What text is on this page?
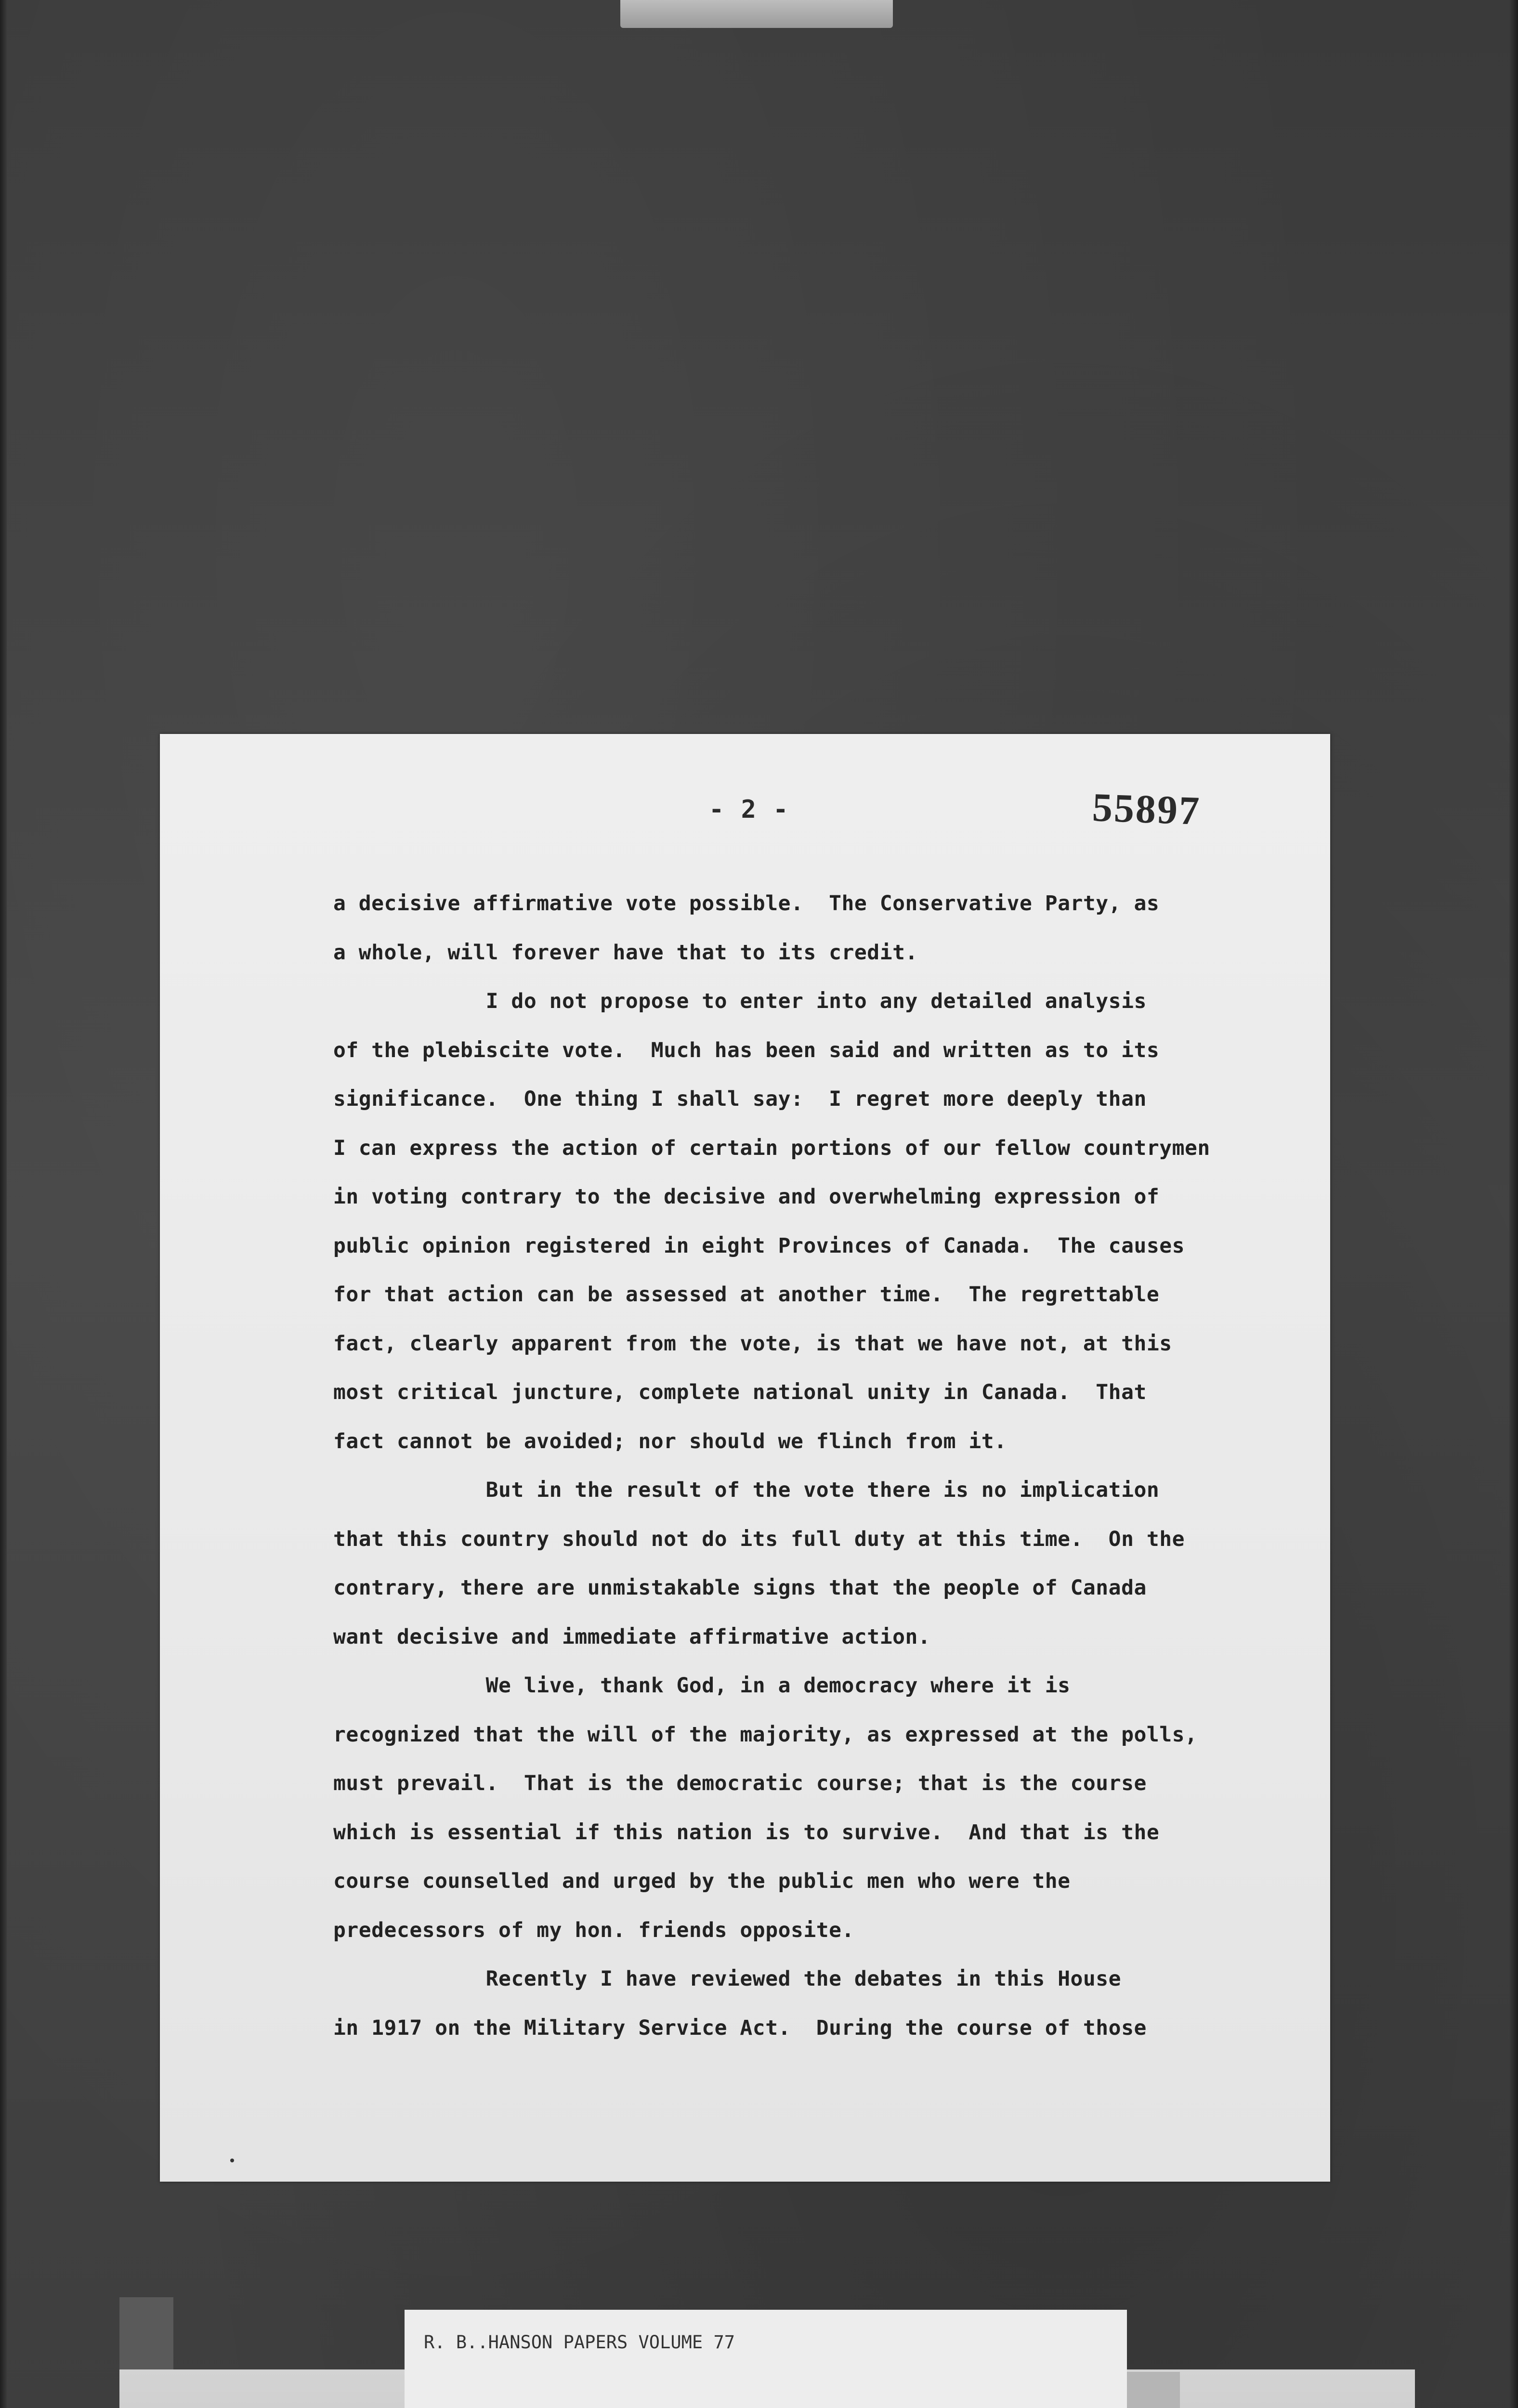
- 2 -	55897
a decisive affirmative vote possible.  The Conservative Party, as
a whole, will forever have that to its credit.
I do not propose to enter into any detailed analysis
of the plebiscite vote.  Much has been said and written as to its
significance.  One thing I shall say:  I regret more deeply than
I can express the action of certain portions of our fellow countrymen
in voting contrary to the decisive and overwhelming expression of
public opinion registered in eight Provinces of Canada.  The causes
for that action can be assessed at another time.  The regrettable
fact, clearly apparent from the vote, is that we have not, at this
most critical juncture, complete national unity in Canada.  That
fact cannot be avoided; nor should we flinch from it.
But in the result of the vote there is no implication
that this country should not do its full duty at this time.  On the
contrary, there are unmistakable signs that the people of Canada
want decisive and immediate affirmative action.
We live, thank God, in a democracy where it is
recognized that the will of the majority, as expressed at the polls,
must prevail.  That is the democratic course; that is the course
which is essential if this nation is to survive.  And that is the
course counselled and urged by the public men who were the
predecessors of my hon. friends opposite.
Recently I have reviewed the debates in this House
in 1917 on the Military Service Act.  During the course of those
R. B..HANSON PAPERS VOLUME 77
